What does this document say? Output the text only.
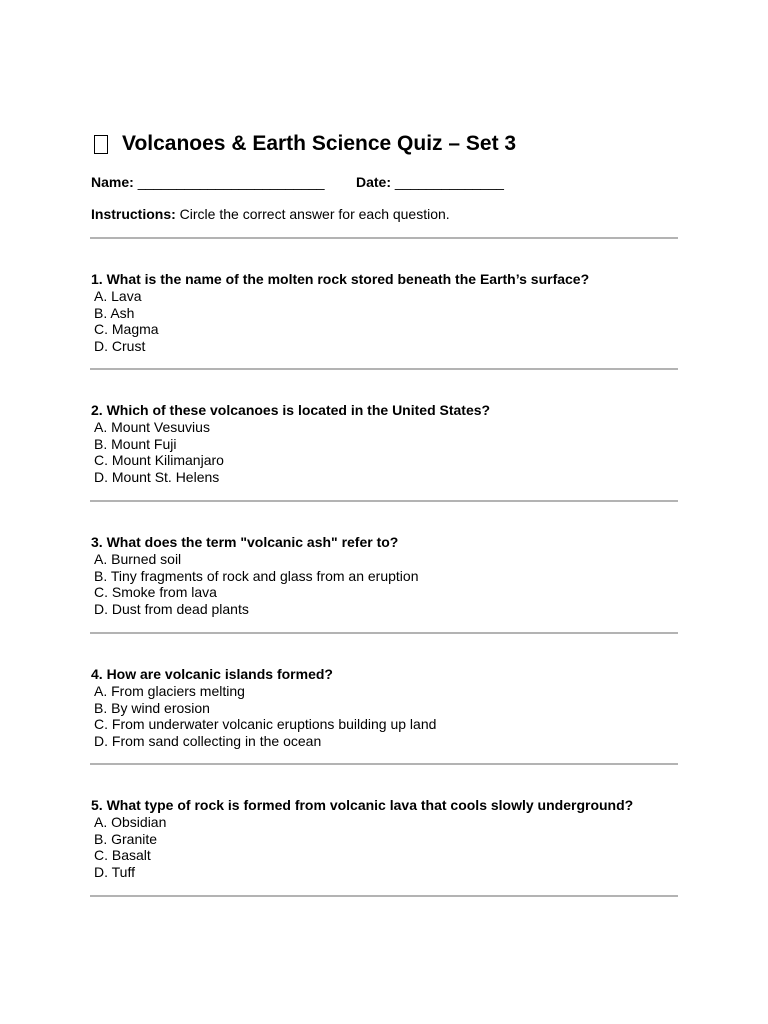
Volcanoes & Earth Science Quiz – Set 3
Name: ________________________ Date: ______________
Instructions: Circle the correct answer for each question.
1. What is the name of the molten rock stored beneath the Earth’s surface?
A. Lava
B. Ash
C. Magma
D. Crust
2. Which of these volcanoes is located in the United States?
A. Mount Vesuvius
B. Mount Fuji
C. Mount Kilimanjaro
D. Mount St. Helens
3. What does the term "volcanic ash" refer to?
A. Burned soil
B. Tiny fragments of rock and glass from an eruption
C. Smoke from lava
D. Dust from dead plants
4. How are volcanic islands formed?
A. From glaciers melting
B. By wind erosion
C. From underwater volcanic eruptions building up land
D. From sand collecting in the ocean
5. What type of rock is formed from volcanic lava that cools slowly underground?
A. Obsidian
B. Granite
C. Basalt
D. Tuff
